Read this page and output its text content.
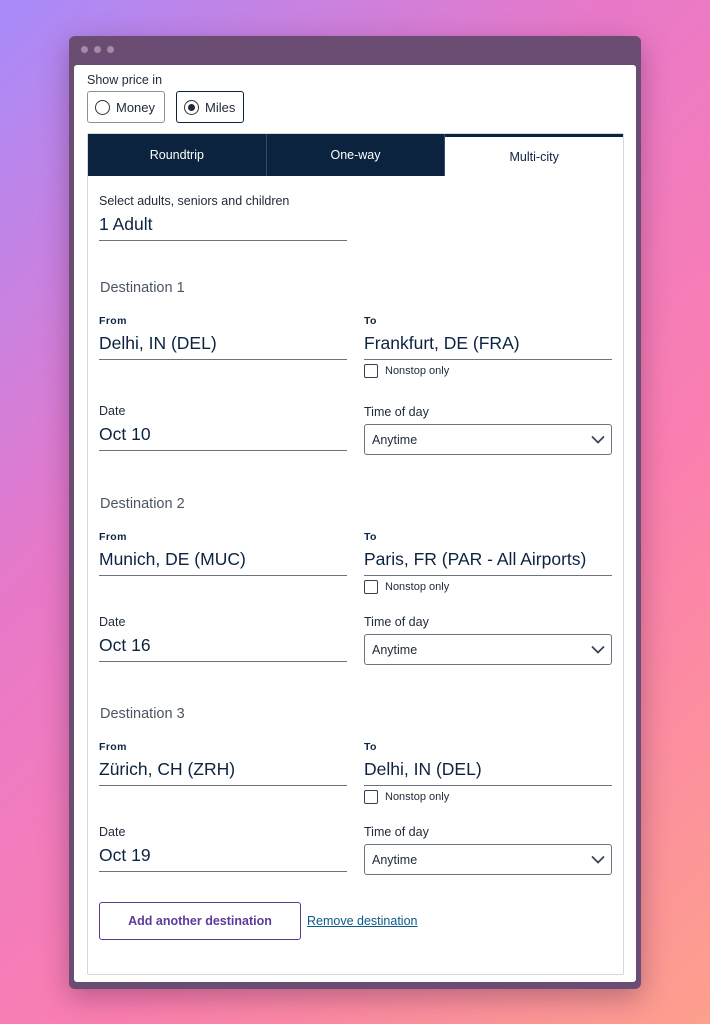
Show price in
Money	Miles
Roundtrip	One-way	Multi-city
Select adults, seniors and children
1 Adult
Destination 1
From
Delhi, IN (DEL)
To
Frankfurt, DE (FRA)
Nonstop only
Date
Oct 10
Time of day
Anytime
Destination 2
From
Munich, DE (MUC)
To
Paris, FR (PAR - All Airports)
Nonstop only
Date
Oct 16
Time of day
Anytime
Destination 3
From
Zürich, CH (ZRH)
To
Delhi, IN (DEL)
Nonstop only
Date
Oct 19
Time of day
Anytime
Add another destination	Remove destination
